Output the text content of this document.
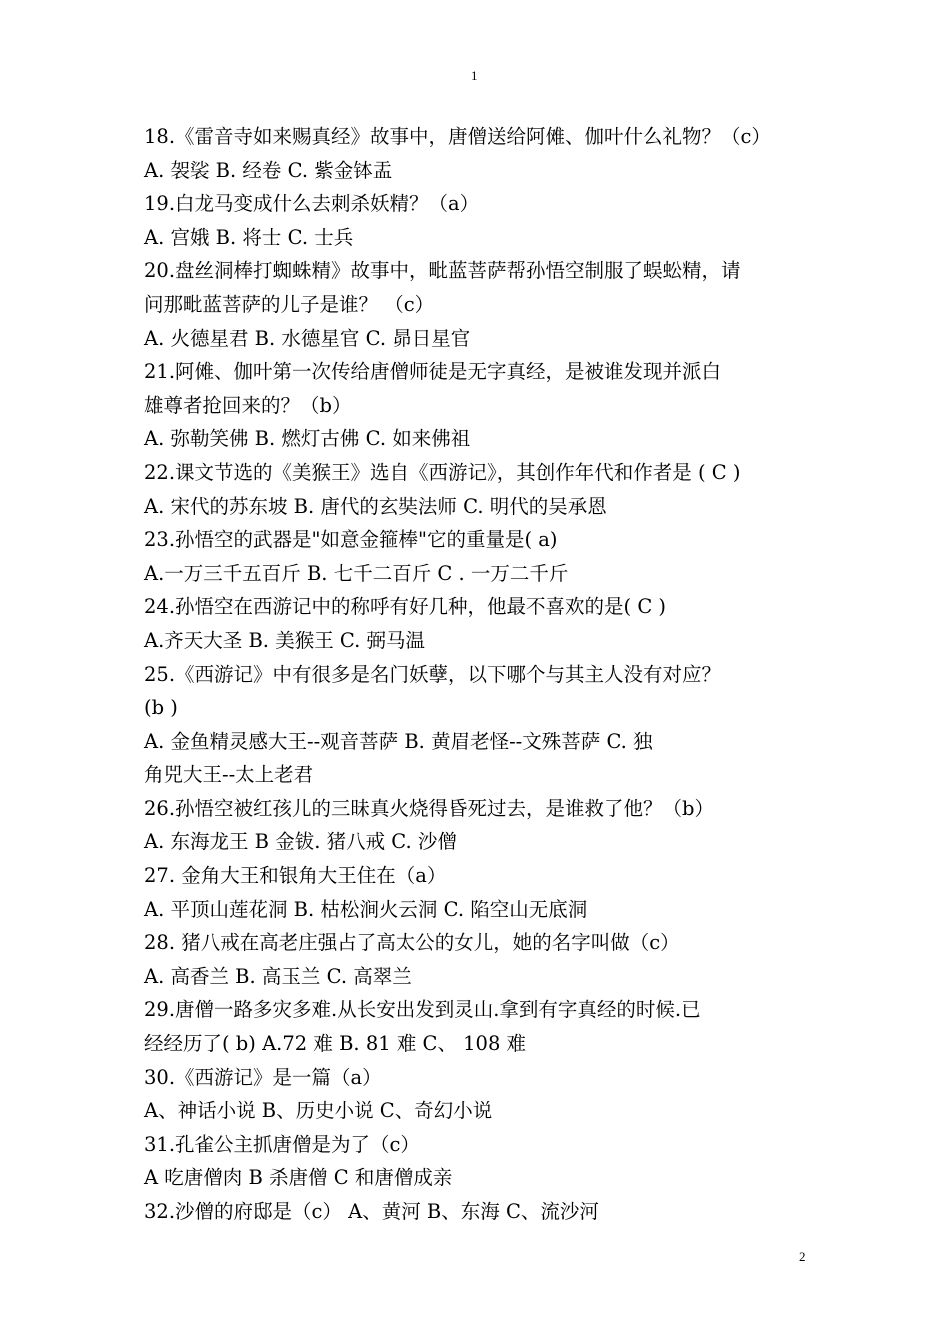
1
18.《雷音寺如来赐真经》故事中，唐僧送给阿傩、伽叶什么礼物？（c）
A. 袈裟 B. 经卷 C. 紫金钵盂
19.白龙马变成什么去刺杀妖精？（a）
A. 宫娥 B. 将士 C. 士兵
20.盘丝洞棒打蜘蛛精》故事中，毗蓝菩萨帮孙悟空制服了蜈蚣精，请
问那毗蓝菩萨的儿子是谁？ （c）
A. 火德星君 B. 水德星官 C. 昴日星官
21.阿傩、伽叶第一次传给唐僧师徒是无字真经，是被谁发现并派白
雄尊者抢回来的？（b）
A. 弥勒笑佛 B. 燃灯古佛 C. 如来佛祖
22.课文节选的《美猴王》选自《西游记》，其创作年代和作者是 ( C )
A. 宋代的苏东坡 B. 唐代的玄奘法师 C. 明代的吴承恩
23.孙悟空的武器是"如意金箍棒"它的重量是( a)
A.一万三千五百斤 B. 七千二百斤 C . 一万二千斤
24.孙悟空在西游记中的称呼有好几种，他最不喜欢的是( C )
A.齐天大圣 B. 美猴王 C. 弼马温
25.《西游记》中有很多是名门妖孽，以下哪个与其主人没有对应？
(b )
A. 金鱼精灵感大王--观音菩萨 B. 黄眉老怪--文殊菩萨 C. 独
角兕大王--太上老君
26.孙悟空被红孩儿的三昧真火烧得昏死过去，是谁救了他？（b）
A. 东海龙王 B 金钹. 猪八戒 C. 沙僧
27. 金角大王和银角大王住在（a）
A. 平顶山莲花洞 B. 枯松涧火云洞 C. 陷空山无底洞
28. 猪八戒在高老庄强占了高太公的女儿，她的名字叫做（c）
A. 高香兰 B. 高玉兰 C. 高翠兰
29.唐僧一路多灾多难.从长安出发到灵山.拿到有字真经的时候.已
经经历了( b) A.72 难 B. 81 难 C、 108 难
30.《西游记》是一篇（a）
A、神话小说 B、历史小说 C、奇幻小说
31.孔雀公主抓唐僧是为了（c）
A 吃唐僧肉 B 杀唐僧 C 和唐僧成亲
32.沙僧的府邸是（c） A、黄河 B、东海 C、流沙河
2
